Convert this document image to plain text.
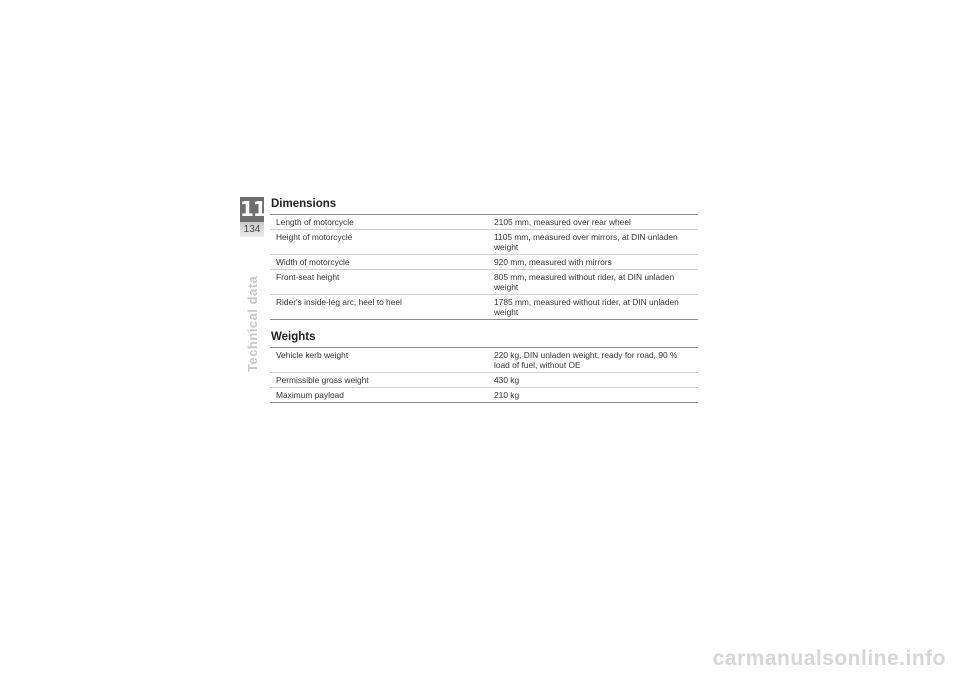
11
134
Technical data
Dimensions
Length of motorcycle	2105 mm, measured over rear wheel
Height of motorcycle	1105 mm, measured over mirrors, at DIN unladen weight
Width of motorcycle	920 mm, measured with mirrors
Front-seat height	805 mm, measured without rider, at DIN unladen weight
Rider's inside-leg arc, heel to heel	1785 mm, measured without rider, at DIN unladen weight
Weights
Vehicle kerb weight	220 kg, DIN unladen weight, ready for road, 90 % load of fuel, without OE
Permissible gross weight	430 kg
Maximum payload	210 kg
carmanualsonline.info
